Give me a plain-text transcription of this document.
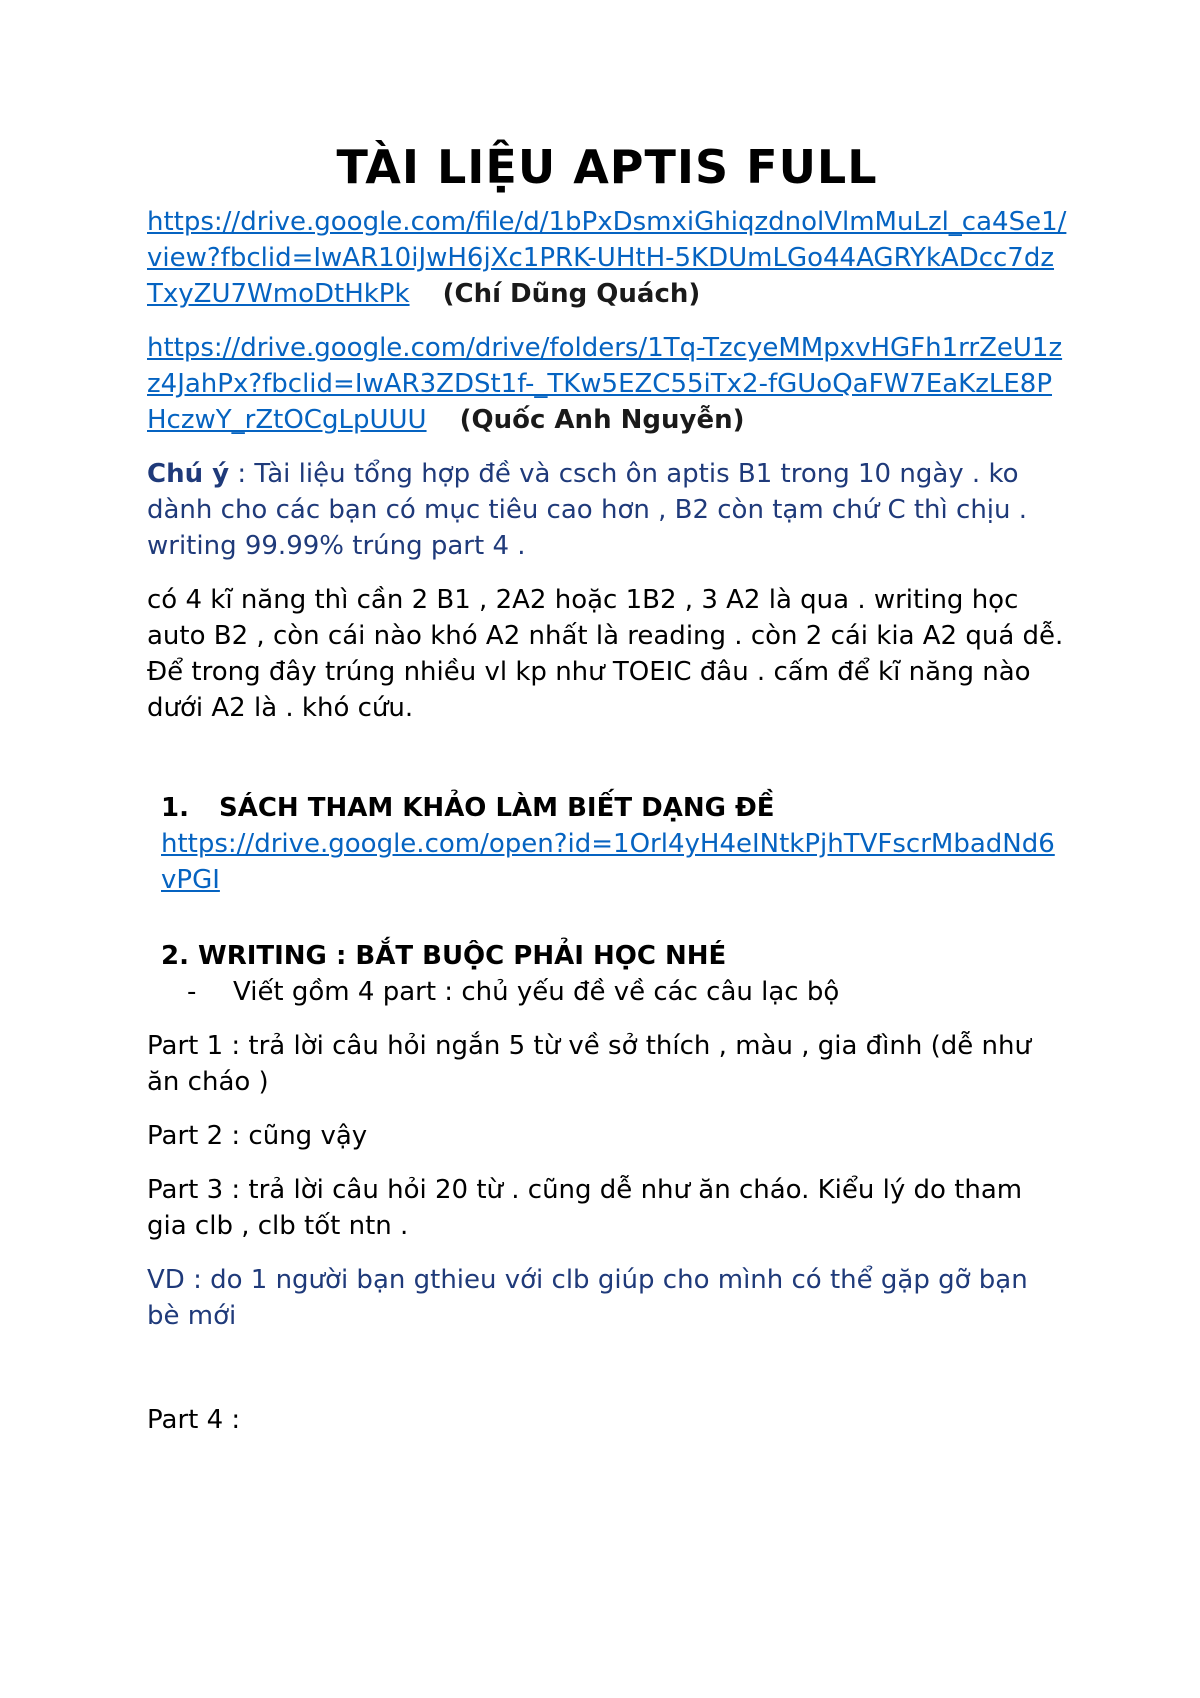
TÀI LIỆU APTIS FULL

https://drive.google.com/file/d/1bPxDsmxiGhiqzdnolVlmMuLzl_ca4Se1/view?fbclid=IwAR10iJwH6jXc1PRK-UHtH-5KDUmLGo44AGRYkADcc7dzTxyZU7WmoDtHkPk (Chí Dũng Quách)

https://drive.google.com/drive/folders/1Tq-TzcyeMMpxvHGFh1rrZeU1zz4JahPx?fbclid=IwAR3ZDSt1f-_TKw5EZC55iTx2-fGUoQaFW7EaKzLE8PHczwY_rZtOCgLpUUU (Quốc Anh Nguyễn)

Chú ý : Tài liệu tổng hợp đề và csch ôn aptis B1 trong 10 ngày . ko dành cho các bạn có mục tiêu cao hơn , B2 còn tạm chứ C thì chịu . writing 99.99% trúng part 4 .

có 4 kĩ năng thì cần 2 B1 , 2A2 hoặc 1B2 , 3 A2 là qua . writing học auto B2 , còn cái nào khó A2 nhất là reading . còn 2 cái kia A2 quá dễ. Để trong đây trúng nhiều vl kp như TOEIC đâu . cấm để kĩ năng nào dưới A2 là . khó cứu.

1. SÁCH THAM KHẢO LÀM BIẾT DẠNG ĐỀ
https://drive.google.com/open?id=1Orl4yH4eINtkPjhTVFscrMbadNd6vPGI
2. WRITING : BẮT BUỘC PHẢI HỌC NHÉ
- Viết gồm 4 part : chủ yếu đề về các câu lạc bộ

Part 1 : trả lời câu hỏi ngắn 5 từ về sở thích , màu , gia đình (dễ như ăn cháo )

Part 2 : cũng vậy

Part 3 : trả lời câu hỏi 20 từ . cũng dễ như ăn cháo. Kiểu lý do tham gia clb , clb tốt ntn .

VD : do 1 người bạn gthieu với clb giúp cho mình có thể gặp gỡ bạn bè mới

Part 4 :
